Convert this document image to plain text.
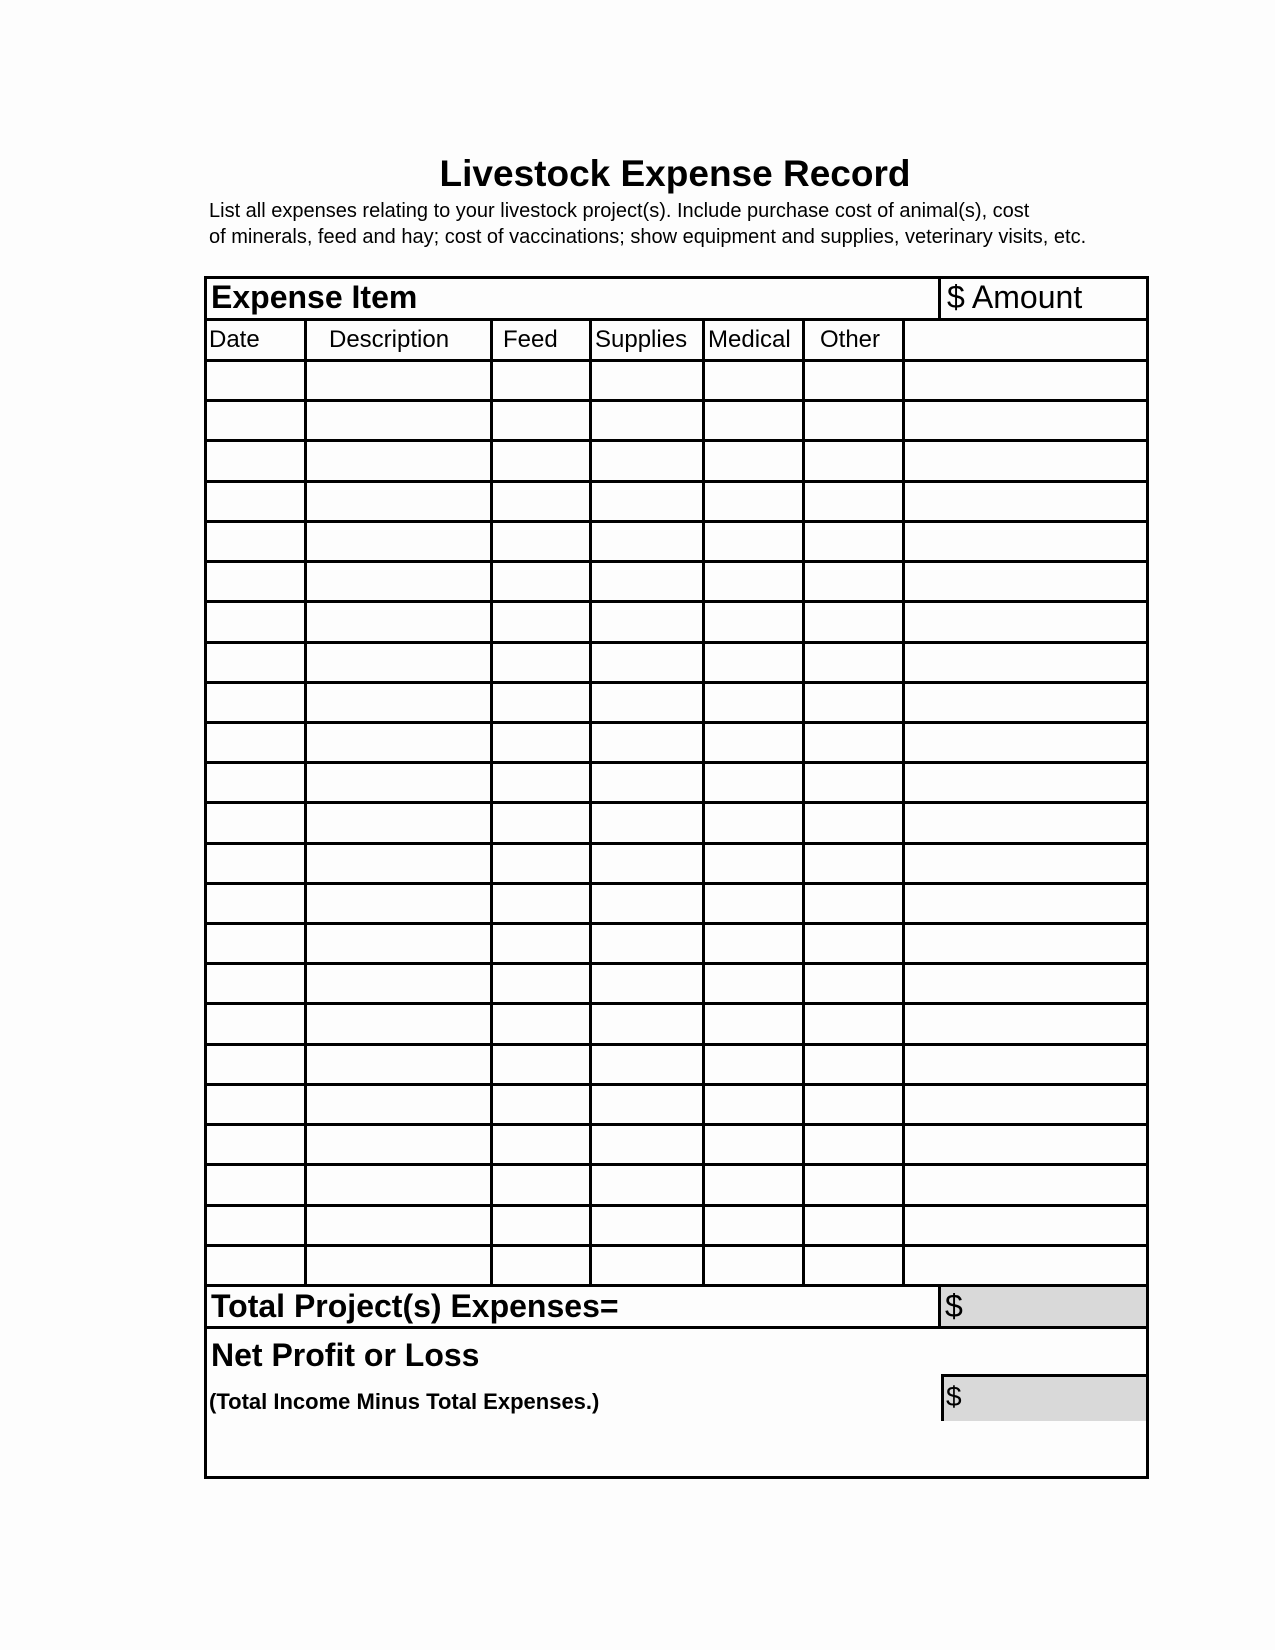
Livestock Expense Record
List all expenses relating to your livestock project(s). Include purchase cost of animal(s), cost
of minerals, feed and hay; cost of vaccinations; show equipment and supplies, veterinary visits, etc.
Expense Item	$ Amount
Date	Description Feed Supplies Medical Other
Total Project(s) Expenses=	$
Net Profit or Loss
(Total Income Minus Total Expenses.)	$
